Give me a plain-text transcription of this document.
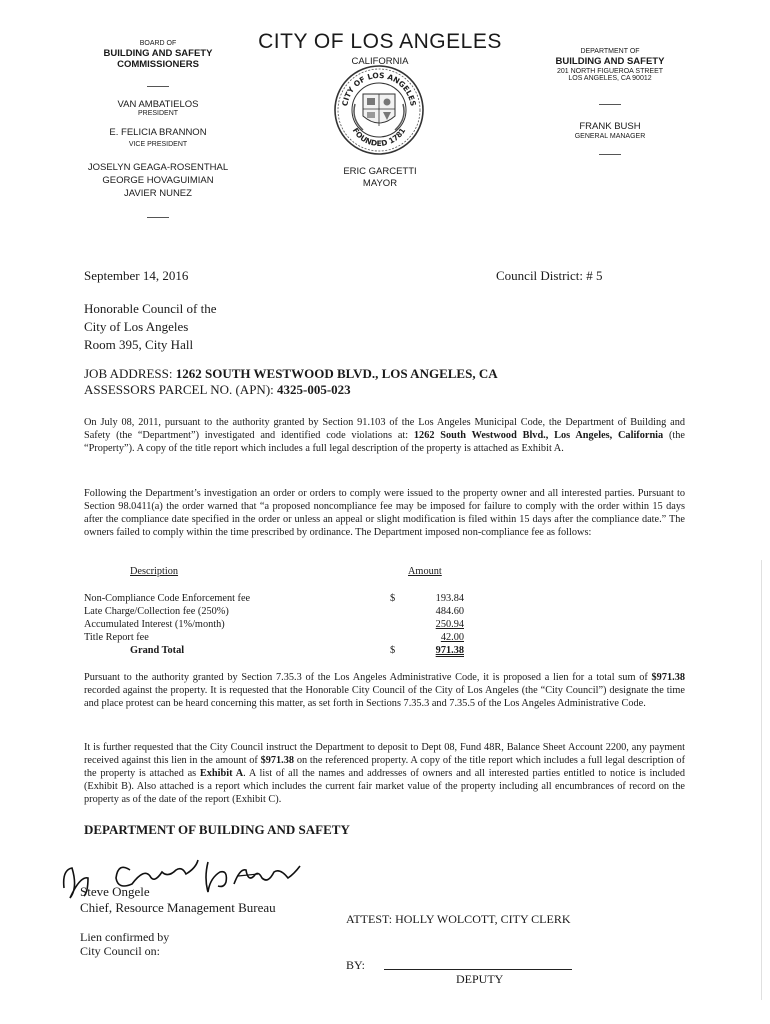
BOARD OF
BUILDING AND SAFETY
COMMISSIONERS
VAN AMBATIELOS
PRESIDENT
E. FELICIA BRANNON
VICE PRESIDENT
JOSELYN GEAGA-ROSENTHAL
GEORGE HOVAGUIMIAN
JAVIER NUNEZ
CITY OF LOS ANGELES
CALIFORNIA
CITY OF LOS ANGELES
FOUNDED 1781
ERIC GARCETTI
MAYOR
DEPARTMENT OF
BUILDING AND SAFETY
201 NORTH FIGUEROA STREET
LOS ANGELES, CA 90012
FRANK BUSH
GENERAL MANAGER
September 14, 2016	Council District: # 5
Honorable Council of the
City of Los Angeles
Room 395, City Hall
JOB ADDRESS: 1262 SOUTH WESTWOOD BLVD., LOS ANGELES, CA
ASSESSORS PARCEL NO. (APN): 4325-005-023
On July 08, 2011, pursuant to the authority granted by Section 91.103 of the Los Angeles Municipal Code, the Department of Building and Safety (the “Department”) investigated and identified code violations at: 1262 South Westwood Blvd., Los Angeles, California (the “Property”). A copy of the title report which includes a full legal description of the property is attached as Exhibit A.
Following the Department’s investigation an order or orders to comply were issued to the property owner and all interested parties. Pursuant to Section 98.0411(a) the order warned that “a proposed noncompliance fee may be imposed for failure to comply with the order within 15 days after the compliance date specified in the order or unless an appeal or slight modification is filed within 15 days after the compliance date.” The owners failed to comply within the time prescribed by ordinance. The Department imposed non-compliance fee as follows:
Description	Amount
Non-Compliance Code Enforcement fee	$	193.84
Late Charge/Collection fee (250%)	484.60
Accumulated Interest (1%/month)	250.94
Title Report fee	42.00
Grand Total	$	971.38
Pursuant to the authority granted by Section 7.35.3 of the Los Angeles Administrative Code, it is proposed a lien for a total sum of $971.38 recorded against the property. It is requested that the Honorable City Council of the City of Los Angeles (the “City Council”) designate the time and place protest can be heard concerning this matter, as set forth in Sections 7.35.3 and 7.35.5 of the Los Angeles Administrative Code.
It is further requested that the City Council instruct the Department to deposit to Dept 08, Fund 48R, Balance Sheet Account 2200, any payment received against this lien in the amount of $971.38 on the referenced property. A copy of the title report which includes a full legal description of the property is attached as Exhibit A. A list of all the names and addresses of owners and all interested parties entitled to notice is included (Exhibit B). Also attached is a report which includes the current fair market value of the property including all encumbrances of record on the property as of the date of the report (Exhibit C).
DEPARTMENT OF BUILDING AND SAFETY
Steve Ongele
Chief, Resource Management Bureau
ATTEST: HOLLY WOLCOTT, CITY CLERK
Lien confirmed by
City Council on:
BY:
DEPUTY
